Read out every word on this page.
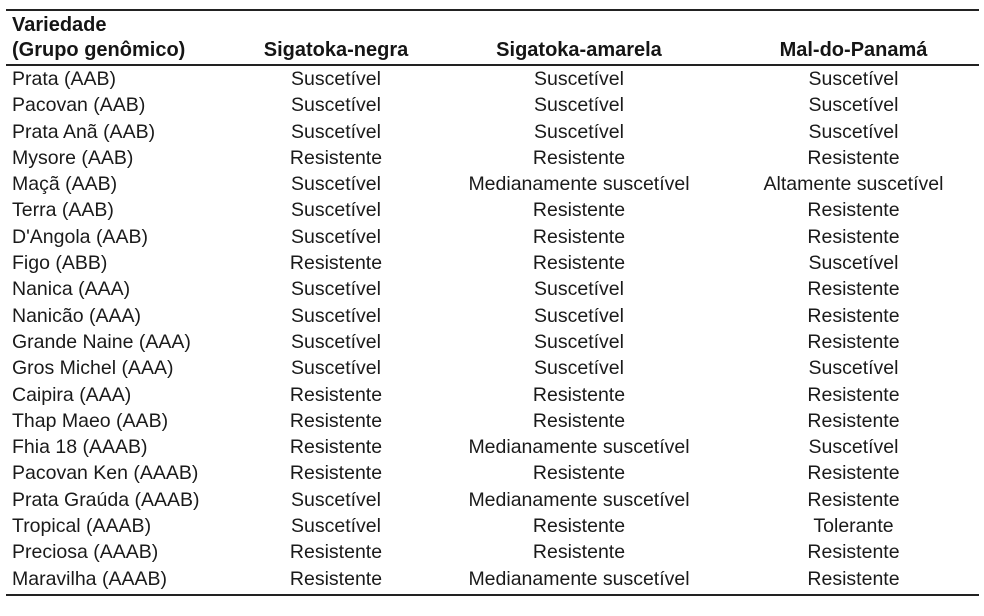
Variedade
(Grupo genômico)	Sigatoka-negra	Sigatoka-amarela	Mal-do-Panamá
Prata (AAB)	Suscetível	Suscetível	Suscetível
Pacovan (AAB)	Suscetível	Suscetível	Suscetível
Prata Anã (AAB)	Suscetível	Suscetível	Suscetível
Mysore (AAB)	Resistente	Resistente	Resistente
Maçã (AAB)	Suscetível	Medianamente suscetível	Altamente suscetível
Terra (AAB)	Suscetível	Resistente	Resistente
D'Angola (AAB)	Suscetível	Resistente	Resistente
Figo (ABB)	Resistente	Resistente	Suscetível
Nanica (AAA)	Suscetível	Suscetível	Resistente
Nanicão (AAA)	Suscetível	Suscetível	Resistente
Grande Naine (AAA)	Suscetível	Suscetível	Resistente
Gros Michel (AAA)	Suscetível	Suscetível	Suscetível
Caipira (AAA)	Resistente	Resistente	Resistente
Thap Maeo (AAB)	Resistente	Resistente	Resistente
Fhia 18 (AAAB)	Resistente	Medianamente suscetível	Suscetível
Pacovan Ken (AAAB)	Resistente	Resistente	Resistente
Prata Graúda (AAAB)	Suscetível	Medianamente suscetível	Resistente
Tropical (AAAB)	Suscetível	Resistente	Tolerante
Preciosa (AAAB)	Resistente	Resistente	Resistente
Maravilha (AAAB)	Resistente	Medianamente suscetível	Resistente
